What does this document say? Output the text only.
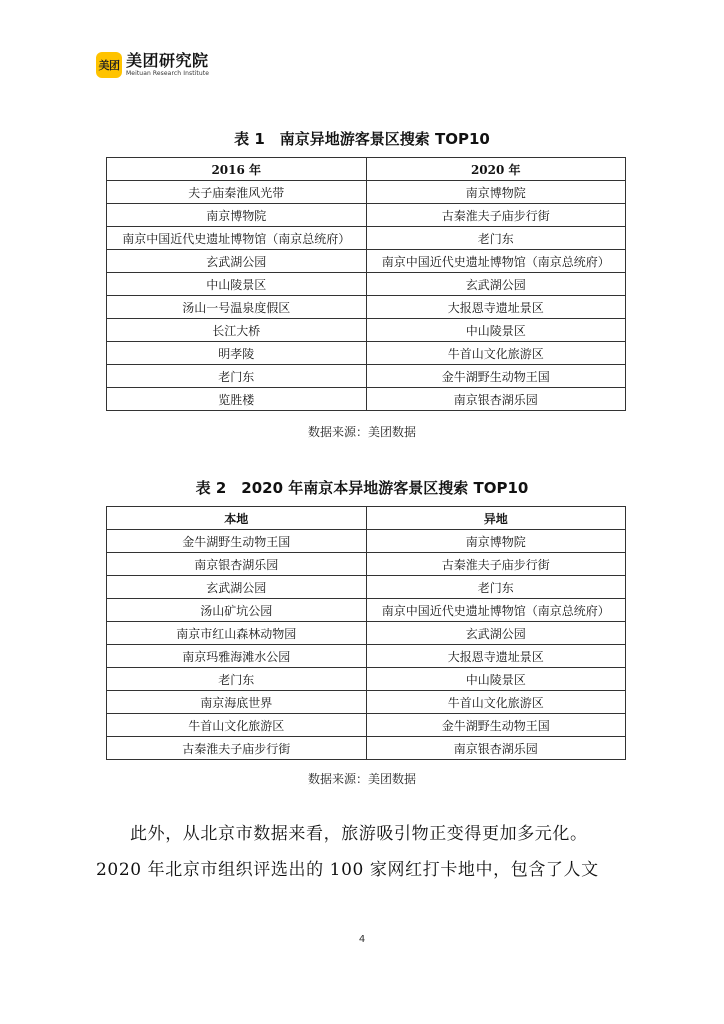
美团 美团研究院
Meituan Research Institute
表 1　南京异地游客景区搜索 TOP10
2016 年	2020 年
夫子庙秦淮风光带	南京博物院
南京博物院	古秦淮夫子庙步行街
南京中国近代史遗址博物馆（南京总统府）	老门东
玄武湖公园	南京中国近代史遗址博物馆（南京总统府）
中山陵景区	玄武湖公园
汤山一号温泉度假区	大报恩寺遗址景区
长江大桥	中山陵景区
明孝陵	牛首山文化旅游区
老门东	金牛湖野生动物王国
览胜楼	南京银杏湖乐园
数据来源：美团数据
表 2　2020 年南京本异地游客景区搜索 TOP10
本地	异地
金牛湖野生动物王国	南京博物院
南京银杏湖乐园	古秦淮夫子庙步行街
玄武湖公园	老门东
汤山矿坑公园	南京中国近代史遗址博物馆（南京总统府）
南京市红山森林动物园	玄武湖公园
南京玛雅海滩水公园	大报恩寺遗址景区
老门东	中山陵景区
南京海底世界	牛首山文化旅游区
牛首山文化旅游区	金牛湖野生动物王国
古秦淮夫子庙步行街	南京银杏湖乐园
数据来源：美团数据

此外，从北京市数据来看，旅游吸引物正变得更加多元化。

2020 年北京市组织评选出的 100 家网红打卡地中，包含了人文

4
